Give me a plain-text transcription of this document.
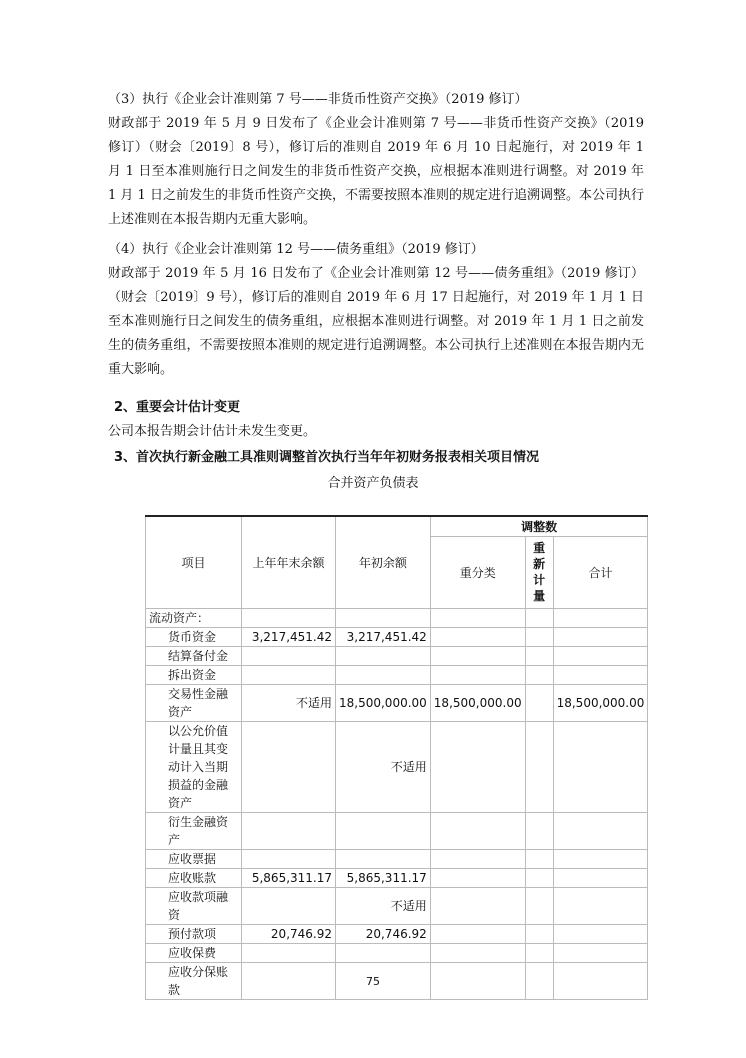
（3）执行《企业会计准则第 7 号——非货币性资产交换》（2019 修订）

财政部于 2019 年 5 月 9 日发布了《企业会计准则第 7 号——非货币性资产交换》（2019 修订）（财会〔2019〕8 号），修订后的准则自 2019 年 6 月 10 日起施行，对 2019 年 1 月 1 日至本准则施行日之间发生的非货币性资产交换，应根据本准则进行调整。对 2019 年 1 月 1 日之前发生的非货币性资产交换，不需要按照本准则的规定进行追溯调整。本公司执行上述准则在本报告期内无重大影响。

（4）执行《企业会计准则第 12 号——债务重组》（2019 修订）

财政部于 2019 年 5 月 16 日发布了《企业会计准则第 12 号——债务重组》（2019 修订）（财会〔2019〕9 号），修订后的准则自 2019 年 6 月 17 日起施行，对 2019 年 1 月 1 日至本准则施行日之间发生的债务重组，应根据本准则进行调整。对 2019 年 1 月 1 日之前发生的债务重组，不需要按照本准则的规定进行追溯调整。本公司执行上述准则在本报告期内无重大影响。

2、重要会计估计变更
公司本报告期会计估计未发生变更。
3、首次执行新金融工具准则调整首次执行当年年初财务报表相关项目情况
合并资产负债表
项目	上年年末余额	年初余额	调整数		
			重分类	重新计量	合计
流动资产：					
货币资金	3,217,451.42	3,217,451.42			
结算备付金					
拆出资金					
交易性金融资产	不适用	18,500,000.00	18,500,000.00		18,500,000.00
以公允价值计量且其变动计入当期损益的金融资产		不适用			
衍生金融资产					
应收票据					
应收账款	5,865,311.17	5,865,311.17			
应收款项融资		不适用			
预付款项	20,746.92	20,746.92			
应收保费					
应收分保账款					
75
